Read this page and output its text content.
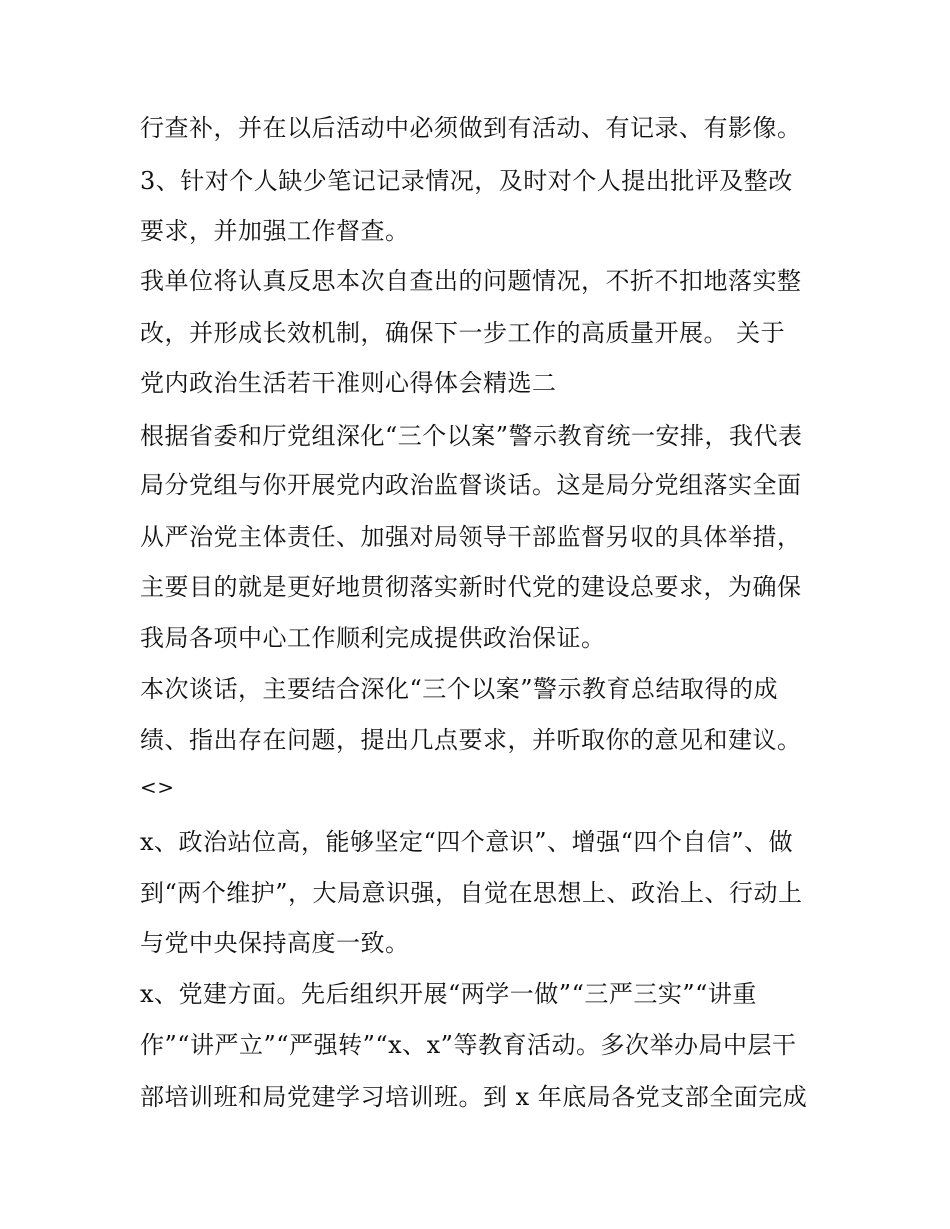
行查补，并在以后活动中必须做到有活动、有记录、有影像。
3、针对个人缺少笔记记录情况，及时对个人提出批评及整改
要求，并加强工作督查。
我单位将认真反思本次自查出的问题情况，不折不扣地落实整
改，并形成长效机制，确保下一步工作的高质量开展。 关于
党内政治生活若干准则心得体会精选二
根据省委和厅党组深化“三个以案”警示教育统一安排，我代表
局分党组与你开展党内政治监督谈话。这是局分党组落实全面
从严治党主体责任、加强对局领导干部监督另収的具体举措，
主要目的就是更好地贯彻落实新时代党的建设总要求，为确保
我局各项中心工作顺利完成提供政治保证。
本次谈话，主要结合深化“三个以案”警示教育总结取得的成
绩、指出存在问题，提出几点要求，并听取你的意见和建议。
<>
x、政治站位高，能够坚定“四个意识”、增强“四个自信”、做
到“两个维护”，大局意识强，自觉在思想上、政治上、行动上
与党中央保持高度一致。
x、党建方面。先后组织开展“两学一做”“三严三实”“讲重
作”“讲严立”“严强转”“x、x”等教育活动。多次举办局中层干
部培训班和局党建学习培训班。到 x 年底局各党支部全面完成
